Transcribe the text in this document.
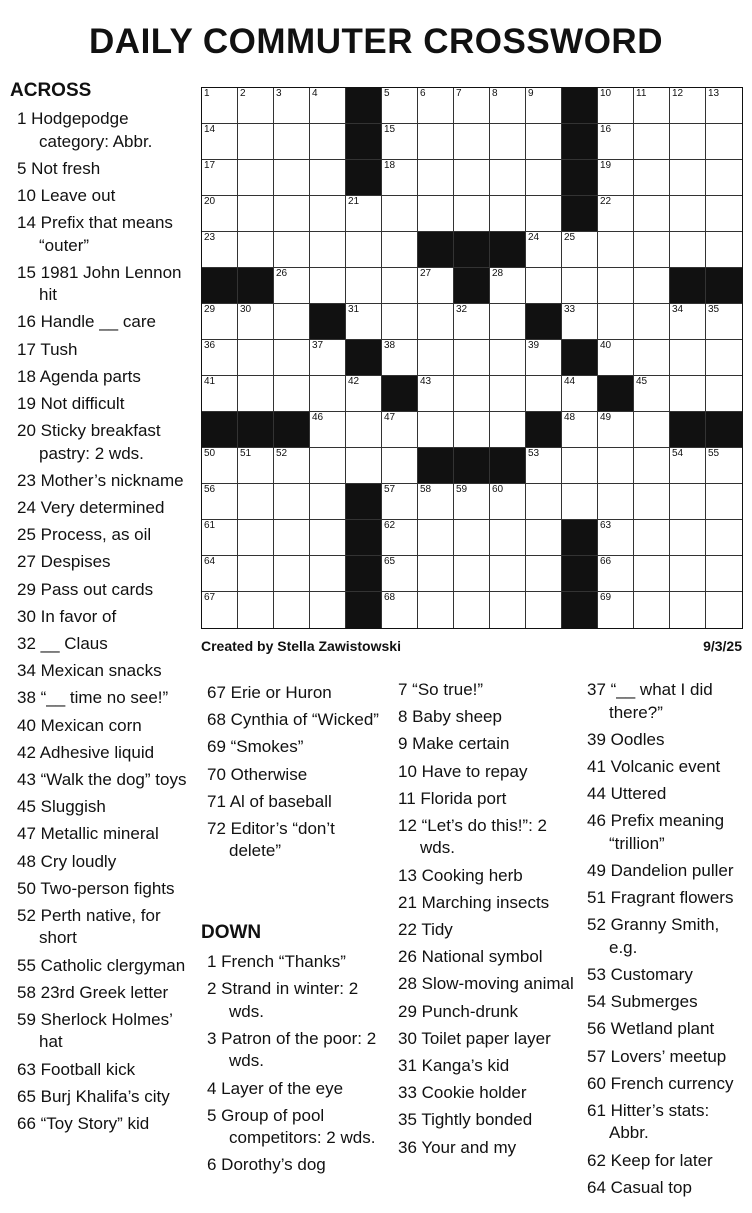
DAILY COMMUTER CROSSWORD
ACROSS
1 Hodgepodge category: Abbr.
5 Not fresh
10 Leave out
14 Prefix that means “outer”
15 1981 John Lennon hit
16 Handle __ care
17 Tush
18 Agenda parts
19 Not difficult
20 Sticky breakfast pastry: 2 wds.
23 Mother’s nickname
24 Very determined
25 Process, as oil
27 Despises
29 Pass out cards
30 In favor of
32 __ Claus
34 Mexican snacks
38 “__ time no see!”
40 Mexican corn
42 Adhesive liquid
43 “Walk the dog” toys
45 Sluggish
47 Metallic mineral
48 Cry loudly
50 Two-person fights
52 Perth native, for short
55 Catholic clergyman
58 23rd Greek letter
59 Sherlock Holmes’ hat
63 Football kick
65 Burj Khalifa’s city
66 “Toy Story” kid
67 Erie or Huron
68 Cynthia of “Wicked”
69 “Smokes”
70 Otherwise
71 Al of baseball
72 Editor’s “don’t delete”
DOWN
1 French “Thanks”
2 Strand in winter: 2 wds.
3 Patron of the poor: 2 wds.
4 Layer of the eye
5 Group of pool competitors: 2 wds.
6 Dorothy’s dog
7 “So true!”
8 Baby sheep
9 Make certain
10 Have to repay
11 Florida port
12 “Let’s do this!”: 2 wds.
13 Cooking herb
21 Marching insects
22 Tidy
26 National symbol
28 Slow-moving animal
29 Punch-drunk
30 Toilet paper layer
31 Kanga’s kid
33 Cookie holder
35 Tightly bonded
36 Your and my
37 “__ what I did there?”
39 Oodles
41 Volcanic event
44 Uttered
46 Prefix meaning “trillion”
49 Dandelion puller
51 Fragrant flowers
52 Granny Smith, e.g.
53 Customary
54 Submerges
56 Wetland plant
57 Lovers’ meetup
60 French currency
61 Hitter’s stats: Abbr.
62 Keep for later
64 Casual top
1	2	3	4	5	6	7	8	9	10 11	12 13
14	15	16
17	18	19
20	21	22
23	24 25
26	27	28
29 30	31	32	33	34 35
36	37	38	39	40
41	42	43	44	45
46	47	48 49
50 51 52	53	54 55
56	57 58 59 60
61	62	63
64	65	66
67	68	69
Created by Stella Zawistowski	9/3/25
